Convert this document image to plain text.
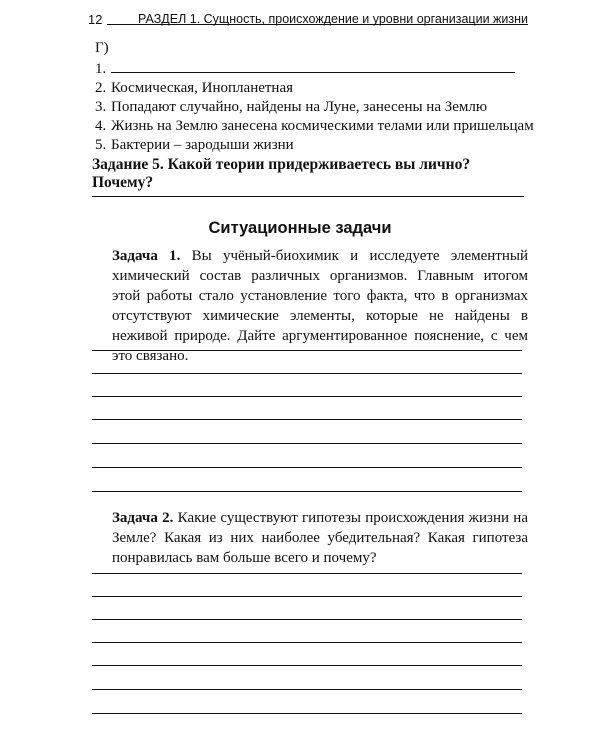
12	РАЗДЕЛ 1. Сущность, происхождение и уровни организации жизни
Г)
1.
2. Космическая, Инопланетная
3. Попадают случайно, найдены на Луне, занесены на Землю
4. Жизнь на Землю занесена космическими телами или пришельцам
5. Бактерии – зародыши жизни
Задание 5. Какой теории придерживаетесь вы лично? Почему?
Ситуационные задачи
Задача 1. Вы учёный-биохимик и исследуете элементный химический состав различных организмов. Главным итогом этой работы стало установление того факта, что в организмах отсутствуют химические элементы, которые не найдены в неживой природе. Дайте аргументированное пояснение, с чем это связано.
Задача 2. Какие существуют гипотезы происхождения жизни на Земле? Какая из них наиболее убедительная? Какая гипотеза понравилась вам больше всего и почему?
